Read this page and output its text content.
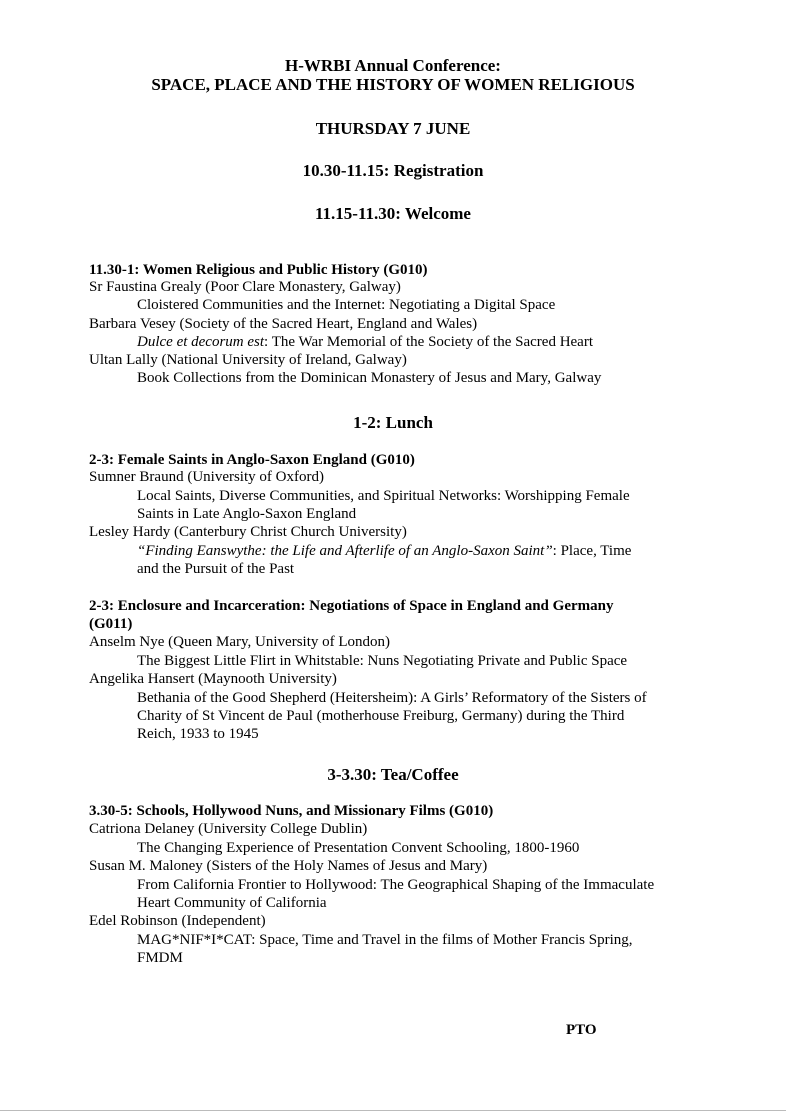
H-WRBI Annual Conference:
SPACE, PLACE AND THE HISTORY OF WOMEN RELIGIOUS
THURSDAY 7 JUNE
10.30-11.15: Registration
11.15-11.30: Welcome
11.30-1: Women Religious and Public History (G010)
Sr Faustina Grealy (Poor Clare Monastery, Galway)
Cloistered Communities and the Internet: Negotiating a Digital Space
Barbara Vesey (Society of the Sacred Heart, England and Wales)
Dulce et decorum est: The War Memorial of the Society of the Sacred Heart
Ultan Lally (National University of Ireland, Galway)
Book Collections from the Dominican Monastery of Jesus and Mary, Galway
1-2: Lunch
2-3: Female Saints in Anglo-Saxon England (G010)
Sumner Braund (University of Oxford)
Local Saints, Diverse Communities, and Spiritual Networks: Worshipping Female
Saints in Late Anglo-Saxon England
Lesley Hardy (Canterbury Christ Church University)
“Finding Eanswythe: the Life and Afterlife of an Anglo-Saxon Saint”: Place, Time
and the Pursuit of the Past
2-3: Enclosure and Incarceration: Negotiations of Space in England and Germany
(G011)
Anselm Nye (Queen Mary, University of London)
The Biggest Little Flirt in Whitstable: Nuns Negotiating Private and Public Space
Angelika Hansert (Maynooth University)
Bethania of the Good Shepherd (Heitersheim): A Girls’ Reformatory of the Sisters of
Charity of St Vincent de Paul (motherhouse Freiburg, Germany) during the Third
Reich, 1933 to 1945
3-3.30: Tea/Coffee
3.30-5: Schools, Hollywood Nuns, and Missionary Films (G010)
Catriona Delaney (University College Dublin)
The Changing Experience of Presentation Convent Schooling, 1800-1960
Susan M. Maloney (Sisters of the Holy Names of Jesus and Mary)
From California Frontier to Hollywood: The Geographical Shaping of the Immaculate
Heart Community of California
Edel Robinson (Independent)
MAG*NIF*I*CAT: Space, Time and Travel in the films of Mother Francis Spring,
FMDM
PTO
